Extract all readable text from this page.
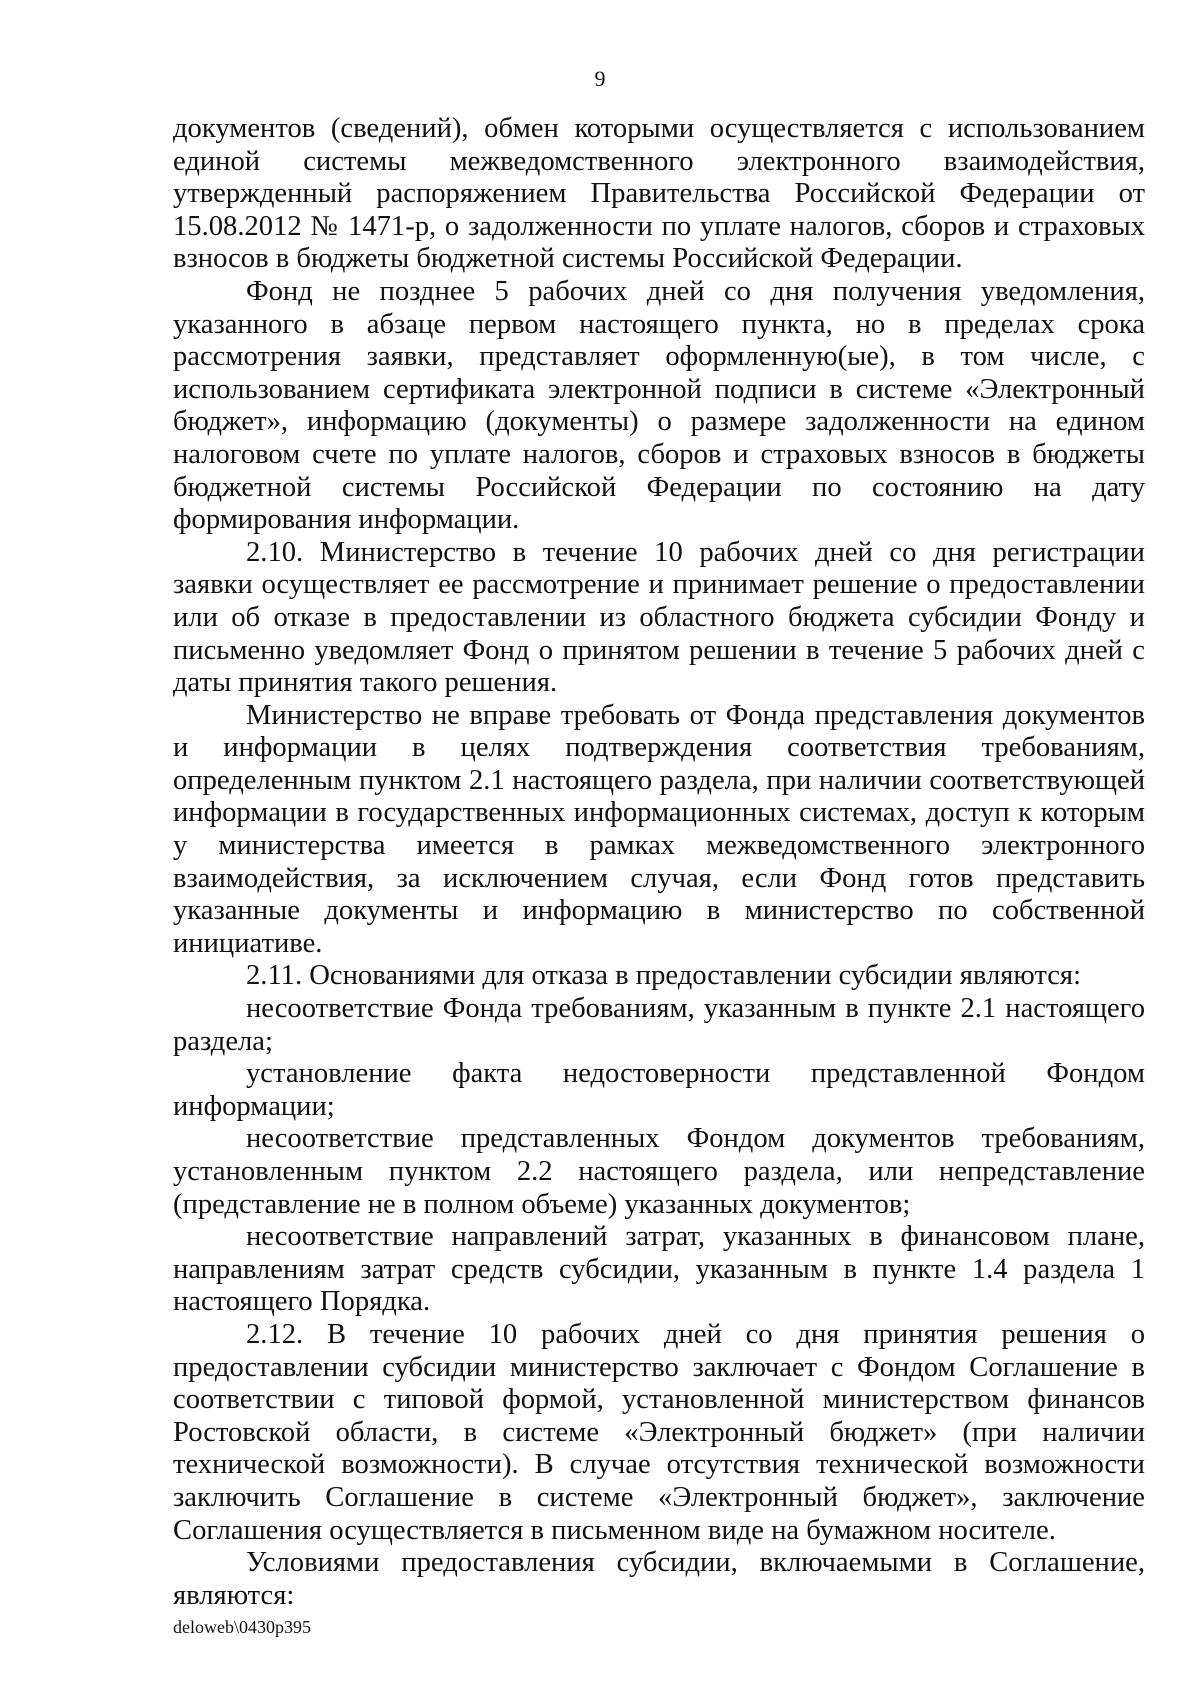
9

документов (сведений), обмен которыми осуществляется с использованием единой системы межведомственного электронного взаимодействия, утвержденный распоряжением Правительства Российской Федерации от 15.08.2012 № 1471-р, о задолженности по уплате налогов, сборов и страховых взносов в бюджеты бюджетной системы Российской Федерации.

Фонд не позднее 5 рабочих дней со дня получения уведомления, указанного в абзаце первом настоящего пункта, но в пределах срока рассмотрения заявки, представляет оформленную(ые), в том числе, с использованием сертификата электронной подписи в системе «Электронный бюджет», информацию (документы) о размере задолженности на едином налоговом счете по уплате налогов, сборов и страховых взносов в бюджеты бюджетной системы Российской Федерации по состоянию на дату формирования информации.

2.10. Министерство в течение 10 рабочих дней со дня регистрации заявки осуществляет ее рассмотрение и принимает решение о предоставлении или об отказе в предоставлении из областного бюджета субсидии Фонду и письменно уведомляет Фонд о принятом решении в течение 5 рабочих дней с даты принятия такого решения.

Министерство не вправе требовать от Фонда представления документов и информации в целях подтверждения соответствия требованиям, определенным пунктом 2.1 настоящего раздела, при наличии соответствующей информации в государственных информационных системах, доступ к которым у министерства имеется в рамках межведомственного электронного взаимодействия, за исключением случая, если Фонд готов представить указанные документы и информацию в министерство по собственной инициативе.

2.11. Основаниями для отказа в предоставлении субсидии являются:

несоответствие Фонда требованиям, указанным в пункте 2.1 настоящего раздела;

установление факта недостоверности представленной Фондом информации;

несоответствие представленных Фондом документов требованиям, установленным пунктом 2.2 настоящего раздела, или непредставление (представление не в полном объеме) указанных документов;

несоответствие направлений затрат, указанных в финансовом плане, направлениям затрат средств субсидии, указанным в пункте 1.4 раздела 1 настоящего Порядка.

2.12. В течение 10 рабочих дней со дня принятия решения о предоставлении субсидии министерство заключает с Фондом Соглашение в соответствии с типовой формой, установленной министерством финансов Ростовской области, в системе «Электронный бюджет» (при наличии технической возможности). В случае отсутствия технической возможности заключить Соглашение в системе «Электронный бюджет», заключение Соглашения осуществляется в письменном виде на бумажном носителе.

Условиями предоставления субсидии, включаемыми в Соглашение, являются:

deloweb\0430p395
